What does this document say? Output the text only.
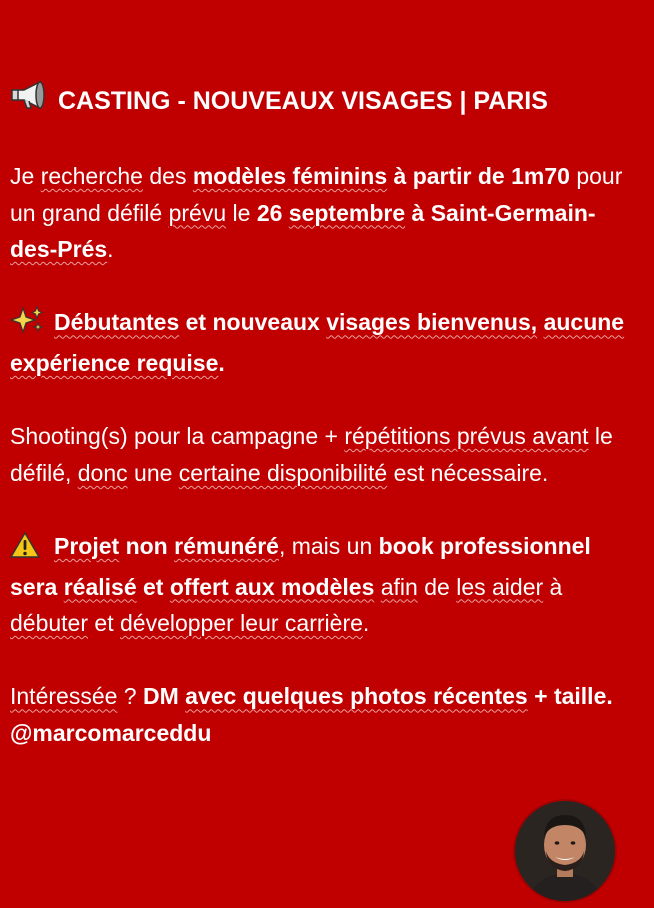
CASTING - NOUVEAUX VISAGES | PARIS

Je recherche des modèles féminins à partir de 1m70 pour un grand défilé prévu le 26 septembre à Saint-Germain-des-Prés.

Débutantes et nouveaux visages bienvenus, aucune expérience requise.

Shooting(s) pour la campagne + répétitions prévus avant le défilé, donc une certaine disponibilité est nécessaire.

Projet non rémunéré, mais un book professionnel sera réalisé et offert aux modèles afin de les aider à débuter et développer leur carrière.

Intéressée ? DM avec quelques photos récentes + taille.

@marcomarceddu
